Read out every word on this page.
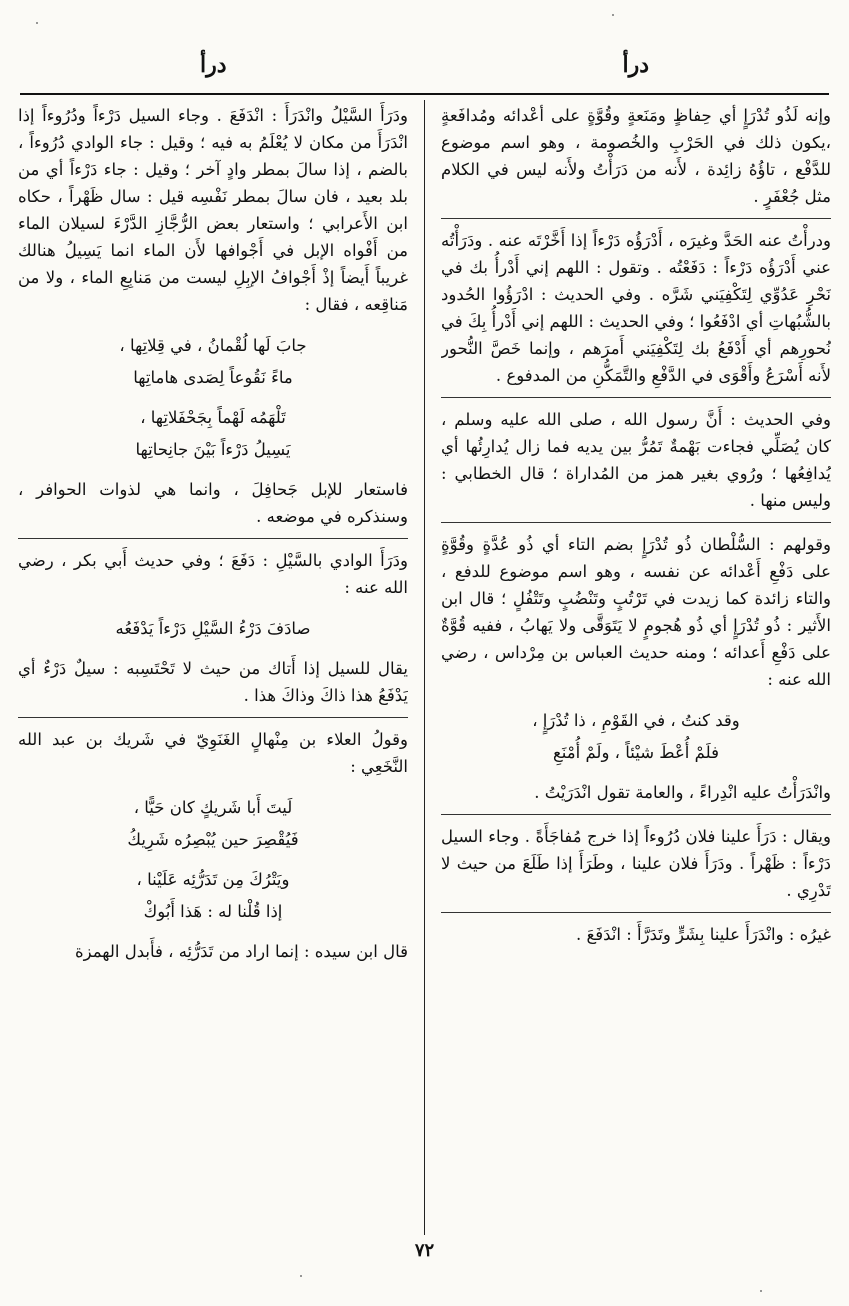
درأ
درأ

وإنه لَذُو تُدْرَإٍ أي حِفاظٍ ومَنَعةٍ وقُوَّةٍ على أعْدائه ومُدافَعةٍ ،يكون ذلك في الحَرْبِ والخُصومة ، وهو اسم موضوع للدَّفْع ، تاؤُهُ زائِدة ، لأَنه من دَرَأْتُ ولأَنه ليس في الكلام مثل جُعْفَرٍ .

ودرأْتُ عنه الحَدَّ وغيرَه ، أَدْرَؤُه دَرْءاً إذا أَخَّرْتَه عنه . ودَرَأْتُه عني أَدْرَؤُه دَرْءاً : دَفَعْتُه . وتقول : اللهم إني أَدْرأُ بك في نَحْرِ عَدُوِّي لِتَكْفِيَني شَرَّه . وفي الحديث : ادْرَؤُوا الحُدود بالشُّبُهاتِ أي ادْفَعُوا ؛ وفي الحديث : اللهم إني أَدْرأُ بِكَ في نُحورِهم أي أَدْفَعُ بك لِتَكْفِيَني أَمرَهم ، وإنما خَصَّ النُّحور لأَنه أَسْرَعُ وأَقْوَى في الدَّفْعِ والتَّمَكُّنِ من المدفوع .

وفي الحديث : أَنَّ رسول الله ، صلى الله عليه وسلم ، كان يُصَلِّي فجاءت بَهْمةٌ تَمُرُّ بين يديه فما زال يُدارِئُها أي يُدافِعُها ؛ ورُوي بغير همز من المُداراة ؛ قال الخطابي : وليس منها .

وقولهم : السُّلْطان ذُو تُدْرَإٍ بضم التاء أي ذُو عُدَّةٍ وقُوَّةٍ على دَفْعِ أَعْدائه عن نفسه ، وهو اسم موضوع للدفع ، والتاء زائدة كما زيدت في تَرْتُبٍ وتَنْضُبٍ وتَتْفُلٍ ؛ قال ابن الأَثير : ذُو تُدْرَإٍ أي ذُو هُجومٍ لا يَتَوَقَّى ولا يَهابُ ، ففيه قُوَّةٌ على دَفْعِ أَعدائه ؛ ومنه حديث العباس بن مِرْداس ، رضي الله عنه :

وقد كنتُ ، في القَوْمِ ، ذا تُدْرَإٍ ،
فلَمْ أُعْطَ شيْئاً ، ولَمْ أُمْنَعِ

وانْدَرَأْتُ عليه انْدِراءً ، والعامة تقول انْدَرَيْتُ .

ويقال : دَرَأَ علينا فلان دُرُوءاً إذا خرج مُفاجَأَةً . وجاء السيل دَرْءاً : ظَهْراً . ودَرَأَ فلان علينا ، وطَرَأَ إذا طَلَعَ من حيث لا تَدْرِي .

غيرُه : وانْدَرَأَ علينا بِشَرٍّ وتَدَرَّأَ : انْدَفَعَ .

ودَرَأَ السَّيْلُ وانْدَرَأَ : انْدَفَعَ . وجاء السيل دَرْءاً ودُرُوءاً إذا انْدَرَأَ من مكان لا يُعْلَمُ به فيه ؛ وقيل : جاء الوادي دُرُوءاً ، بالضم ، إذا سالَ بمطر وادٍ آخر ؛ وقيل : جاء دَرْءاً أي من بلد بعيد ، فان سالَ بمطر نَفْسِه قيل : سال ظَهْراً ، حكاه ابن الأَعرابي ؛ واستعار بعض الرُّجَّازِ الدَّرْءَ لسيلان الماء من أَفْواه الإبل في أَجْوافها لأَن الماء انما يَسِيلُ هنالك غريباً أَيضاً إذْ أَجْوافُ الإبِلِ ليست من مَنابِعِ الماء ، ولا من مَناقِعه ، فقال :

جابَ لَها لُقْمانُ ، في قِلاتِها ،
ماءً نَقُوعاً لِصَدى هاماتِها
تَلْهَمُه لَهْماً بِجَحْفَلاتِها ،
يَسِيلُ دَرْءاً بَيْنَ جانِحاتِها

فاستعار للإبل جَحافِلَ ، وانما هي لذوات الحوافر ، وسنذكره في موضعه .

ودَرَأَ الوادي بالسَّيْلِ : دَفَعَ ؛ وفي حديث أَبي بكر ، رضي الله عنه :

صادَفَ دَرْءُ السَّيْلِ دَرْءاً يَدْفَعُه

يقال للسيل إذا أَتاك من حيث لا تَحْتَسِبه : سيلٌ دَرْءٌ أي يَدْفَعُ هذا ذاكَ وذاكَ هذا .

وقولُ العلاء بن مِنْهالٍ الغَنَوِيّ في شَريك بن عبد الله النَّخَعِي :

لَيتَ أَبا شَريكٍ كان حَيًّا ،
فَيُقْصِرَ حين يُبْصِرُه شَرِيكُ
ويَتْرُكَ مِن تَدَرُّئِه عَلَيْنا ،
إذا قُلْنا له : هَذا أَبُوكْ

قال ابن سيده : إنما اراد من تَدَرُّئِه ، فأَبدل الهمزة

٧٢
